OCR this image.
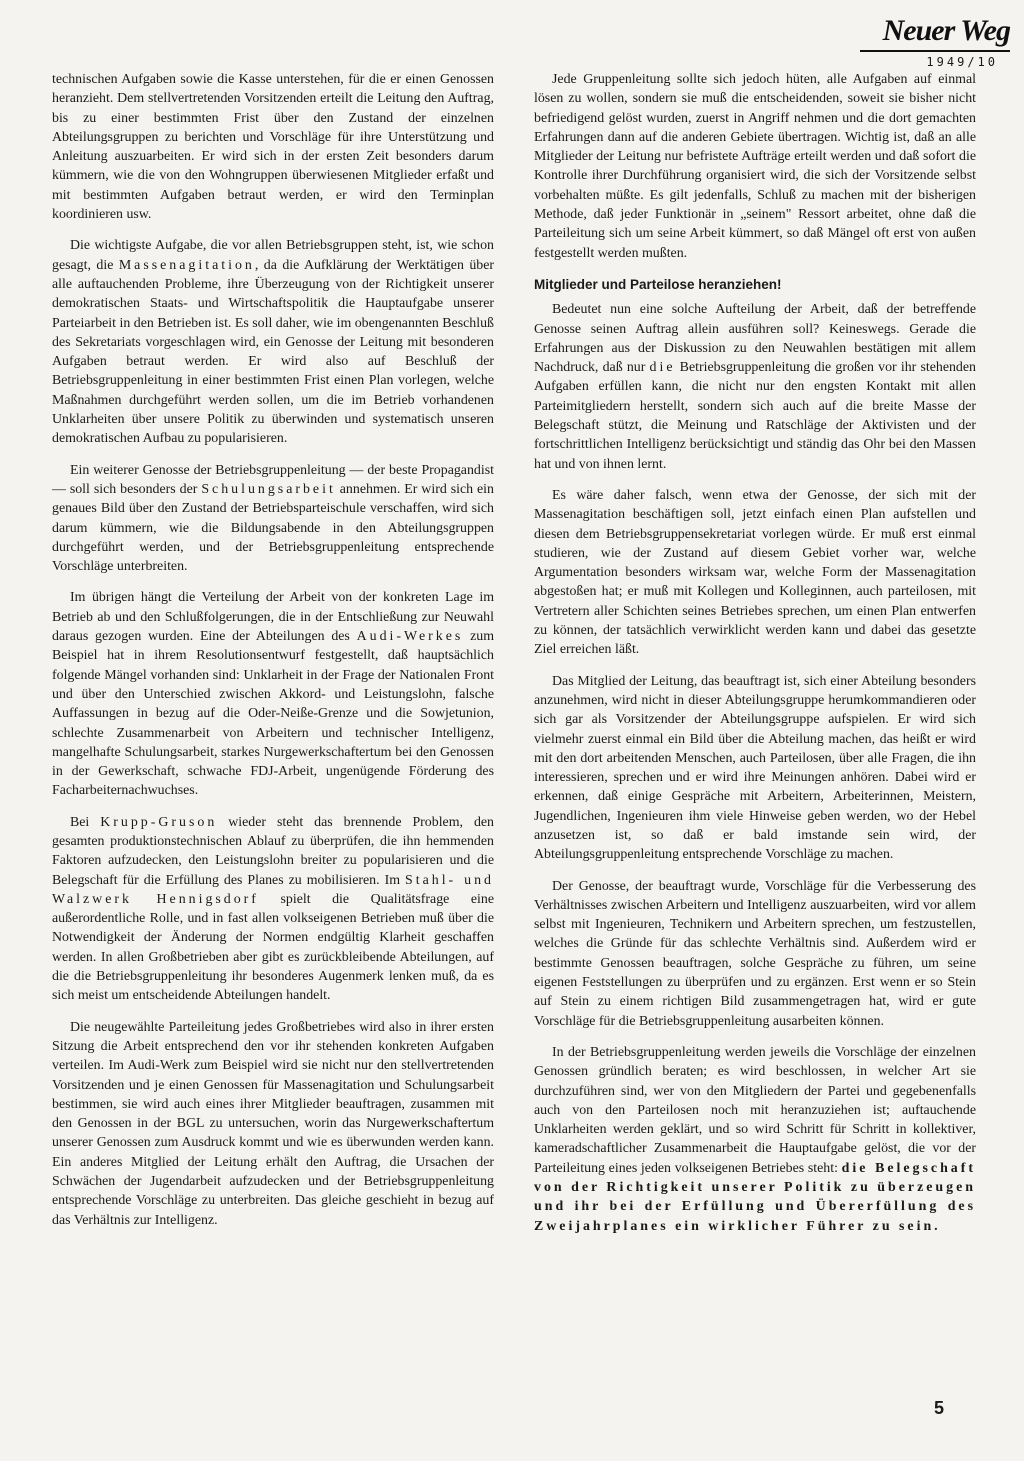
Neuer Weg
1949/10

technischen Aufgaben sowie die Kasse unterstehen, für die er einen Genossen heranzieht. Dem stellvertretenden Vorsitzenden erteilt die Leitung den Auftrag, bis zu einer bestimmten Frist über den Zustand der einzelnen Abteilungsgruppen zu berichten und Vorschläge für ihre Unterstützung und Anleitung auszuarbeiten. Er wird sich in der ersten Zeit besonders darum kümmern, wie die von den Wohngruppen überwiesenen Mitglieder erfaßt und mit bestimmten Aufgaben betraut werden, er wird den Terminplan koordinieren usw.

Die wichtigste Aufgabe, die vor allen Betriebsgruppen steht, ist, wie schon gesagt, die Massenagitation, da die Aufklärung der Werktätigen über alle auftauchenden Probleme, ihre Überzeugung von der Richtigkeit unserer demokratischen Staats- und Wirtschaftspolitik die Hauptaufgabe unserer Parteiarbeit in den Betrieben ist. Es soll daher, wie im obengenannten Beschluß des Sekretariats vorgeschlagen wird, ein Genosse der Leitung mit besonderen Aufgaben betraut werden. Er wird also auf Beschluß der Betriebsgruppenleitung in einer bestimmten Frist einen Plan vorlegen, welche Maßnahmen durchgeführt werden sollen, um die im Betrieb vorhandenen Unklarheiten über unsere Politik zu überwinden und systematisch unseren demokratischen Aufbau zu popularisieren.

Ein weiterer Genosse der Betriebsgruppenleitung — der beste Propagandist — soll sich besonders der Schulungsarbeit annehmen. Er wird sich ein genaues Bild über den Zustand der Betriebsparteischule verschaffen, wird sich darum kümmern, wie die Bildungsabende in den Abteilungsgruppen durchgeführt werden, und der Betriebsgruppenleitung entsprechende Vorschläge unterbreiten.

Im übrigen hängt die Verteilung der Arbeit von der konkreten Lage im Betrieb ab und den Schlußfolgerungen, die in der Entschließung zur Neuwahl daraus gezogen wurden. Eine der Abteilungen des Audi-Werkes zum Beispiel hat in ihrem Resolutionsentwurf festgestellt, daß hauptsächlich folgende Mängel vorhanden sind: Unklarheit in der Frage der Nationalen Front und über den Unterschied zwischen Akkord- und Leistungslohn, falsche Auffassungen in bezug auf die Oder-Neiße-Grenze und die Sowjetunion, schlechte Zusammenarbeit von Arbeitern und technischer Intelligenz, mangelhafte Schulungsarbeit, starkes Nurgewerkschaftertum bei den Genossen in der Gewerkschaft, schwache FDJ-Arbeit, ungenügende Förderung des Facharbeiternachwuchses.

Bei Krupp-Gruson wieder steht das brennende Problem, den gesamten produktionstechnischen Ablauf zu überprüfen, die ihn hemmenden Faktoren aufzudecken, den Leistungslohn breiter zu popularisieren und die Belegschaft für die Erfüllung des Planes zu mobilisieren. Im Stahl- und Walzwerk Hennigsdorf spielt die Qualitätsfrage eine außerordentliche Rolle, und in fast allen volkseigenen Betrieben muß über die Notwendigkeit der Änderung der Normen endgültig Klarheit geschaffen werden. In allen Großbetrieben aber gibt es zurückbleibende Abteilungen, auf die die Betriebsgruppenleitung ihr besonderes Augenmerk lenken muß, da es sich meist um entscheidende Abteilungen handelt.

Die neugewählte Parteileitung jedes Großbetriebes wird also in ihrer ersten Sitzung die Arbeit entsprechend den vor ihr stehenden konkreten Aufgaben verteilen. Im Audi-Werk zum Beispiel wird sie nicht nur den stellvertretenden Vorsitzenden und je einen Genossen für Massenagitation und Schulungsarbeit bestimmen, sie wird auch eines ihrer Mitglieder beauftragen, zusammen mit den Genossen in der BGL zu untersuchen, worin das Nurgewerkschaftertum unserer Genossen zum Ausdruck kommt und wie es überwunden werden kann. Ein anderes Mitglied der Leitung erhält den Auftrag, die Ursachen der Schwächen der Jugendarbeit aufzudecken und der Betriebsgruppenleitung entsprechende Vorschläge zu unterbreiten. Das gleiche geschieht in bezug auf das Verhältnis zur Intelligenz.

Jede Gruppenleitung sollte sich jedoch hüten, alle Aufgaben auf einmal lösen zu wollen, sondern sie muß die entscheidenden, soweit sie bisher nicht befriedigend gelöst wurden, zuerst in Angriff nehmen und die dort gemachten Erfahrungen dann auf die anderen Gebiete übertragen. Wichtig ist, daß an alle Mitglieder der Leitung nur befristete Aufträge erteilt werden und daß sofort die Kontrolle ihrer Durchführung organisiert wird, die sich der Vorsitzende selbst vorbehalten müßte. Es gilt jedenfalls, Schluß zu machen mit der bisherigen Methode, daß jeder Funktionär in „seinem" Ressort arbeitet, ohne daß die Parteileitung sich um seine Arbeit kümmert, so daß Mängel oft erst von außen festgestellt werden mußten.

Mitglieder und Parteilose heranziehen!

Bedeutet nun eine solche Aufteilung der Arbeit, daß der betreffende Genosse seinen Auftrag allein ausführen soll? Keineswegs. Gerade die Erfahrungen aus der Diskussion zu den Neuwahlen bestätigen mit allem Nachdruck, daß nur die Betriebsgruppenleitung die großen vor ihr stehenden Aufgaben erfüllen kann, die nicht nur den engsten Kontakt mit allen Parteimitgliedern herstellt, sondern sich auch auf die breite Masse der Belegschaft stützt, die Meinung und Ratschläge der Aktivisten und der fortschrittlichen Intelligenz berücksichtigt und ständig das Ohr bei den Massen hat und von ihnen lernt.

Es wäre daher falsch, wenn etwa der Genosse, der sich mit der Massenagitation beschäftigen soll, jetzt einfach einen Plan aufstellen und diesen dem Betriebsgruppensekretariat vorlegen würde. Er muß erst einmal studieren, wie der Zustand auf diesem Gebiet vorher war, welche Argumentation besonders wirksam war, welche Form der Massenagitation abgestoßen hat; er muß mit Kollegen und Kolleginnen, auch parteilosen, mit Vertretern aller Schichten seines Betriebes sprechen, um einen Plan entwerfen zu können, der tatsächlich verwirklicht werden kann und dabei das gesetzte Ziel erreichen läßt.

Das Mitglied der Leitung, das beauftragt ist, sich einer Abteilung besonders anzunehmen, wird nicht in dieser Abteilungsgruppe herumkommandieren oder sich gar als Vorsitzender der Abteilungsgruppe aufspielen. Er wird sich vielmehr zuerst einmal ein Bild über die Abteilung machen, das heißt er wird mit den dort arbeitenden Menschen, auch Parteilosen, über alle Fragen, die ihn interessieren, sprechen und er wird ihre Meinungen anhören. Dabei wird er erkennen, daß einige Gespräche mit Arbeitern, Arbeiterinnen, Meistern, Jugendlichen, Ingenieuren ihm viele Hinweise geben werden, wo der Hebel anzusetzen ist, so daß er bald imstande sein wird, der Abteilungsgruppenleitung entsprechende Vorschläge zu machen.

Der Genosse, der beauftragt wurde, Vorschläge für die Verbesserung des Verhältnisses zwischen Arbeitern und Intelligenz auszuarbeiten, wird vor allem selbst mit Ingenieuren, Technikern und Arbeitern sprechen, um festzustellen, welches die Gründe für das schlechte Verhältnis sind. Außerdem wird er bestimmte Genossen beauftragen, solche Gespräche zu führen, um seine eigenen Feststellungen zu überprüfen und zu ergänzen. Erst wenn er so Stein auf Stein zu einem richtigen Bild zusammengetragen hat, wird er gute Vorschläge für die Betriebsgruppenleitung ausarbeiten können.

In der Betriebsgruppenleitung werden jeweils die Vorschläge der einzelnen Genossen gründlich beraten; es wird beschlossen, in welcher Art sie durchzuführen sind, wer von den Mitgliedern der Partei und gegebenenfalls auch von den Parteilosen noch mit heranzuziehen ist; auftauchende Unklarheiten werden geklärt, und so wird Schritt für Schritt in kollektiver, kameradschaftlicher Zusammenarbeit die Hauptaufgabe gelöst, die vor der Parteileitung eines jeden volkseigenen Betriebes steht: die Belegschaft von der Richtigkeit unserer Politik zu überzeugen und ihr bei der Erfüllung und Übererfüllung des Zweijahrplanes ein wirklicher Führer zu sein.

5
